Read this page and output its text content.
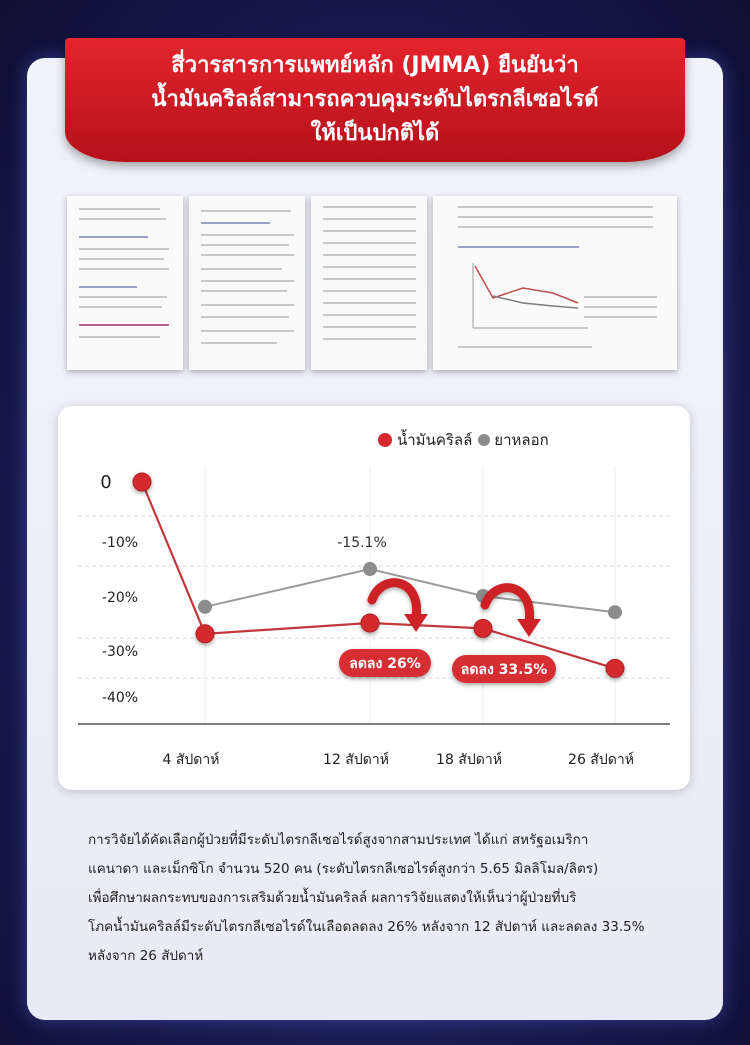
สี่วารสารการแพทย์หลัก (JMMA) ยืนยันว่า
น้ำมันคริลล์สามารถควบคุมระดับไตรกลีเซอไรด์
ให้เป็นปกติได้
0
-10%
-20%
-30%
-40%
4 สัปดาห์	12 สัปดาห์	18 สัปดาห์	26 สัปดาห์
-15.1%
ลดลง 26%	ลดลง 33.5%
น้ำมันคริลล์ ยาหลอก
การวิจัยได้คัดเลือกผู้ป่วยที่มีระดับไตรกลีเซอไรด์สูงจากสามประเทศ ได้แก่ สหรัฐอเมริกา
แคนาดา และเม็กซิโก จำนวน 520 คน (ระดับไตรกลีเซอไรด์สูงกว่า 5.65 มิลลิโมล/ลิตร)
เพื่อศึกษาผลกระทบของการเสริมด้วยน้ำมันคริลล์ ผลการวิจัยแสดงให้เห็นว่าผู้ป่วยที่บริ
โภคน้ำมันคริลล์มีระดับไตรกลีเซอไรด์ในเลือดลดลง 26% หลังจาก 12 สัปดาห์ และลดลง 33.5%
หลังจาก 26 สัปดาห์
